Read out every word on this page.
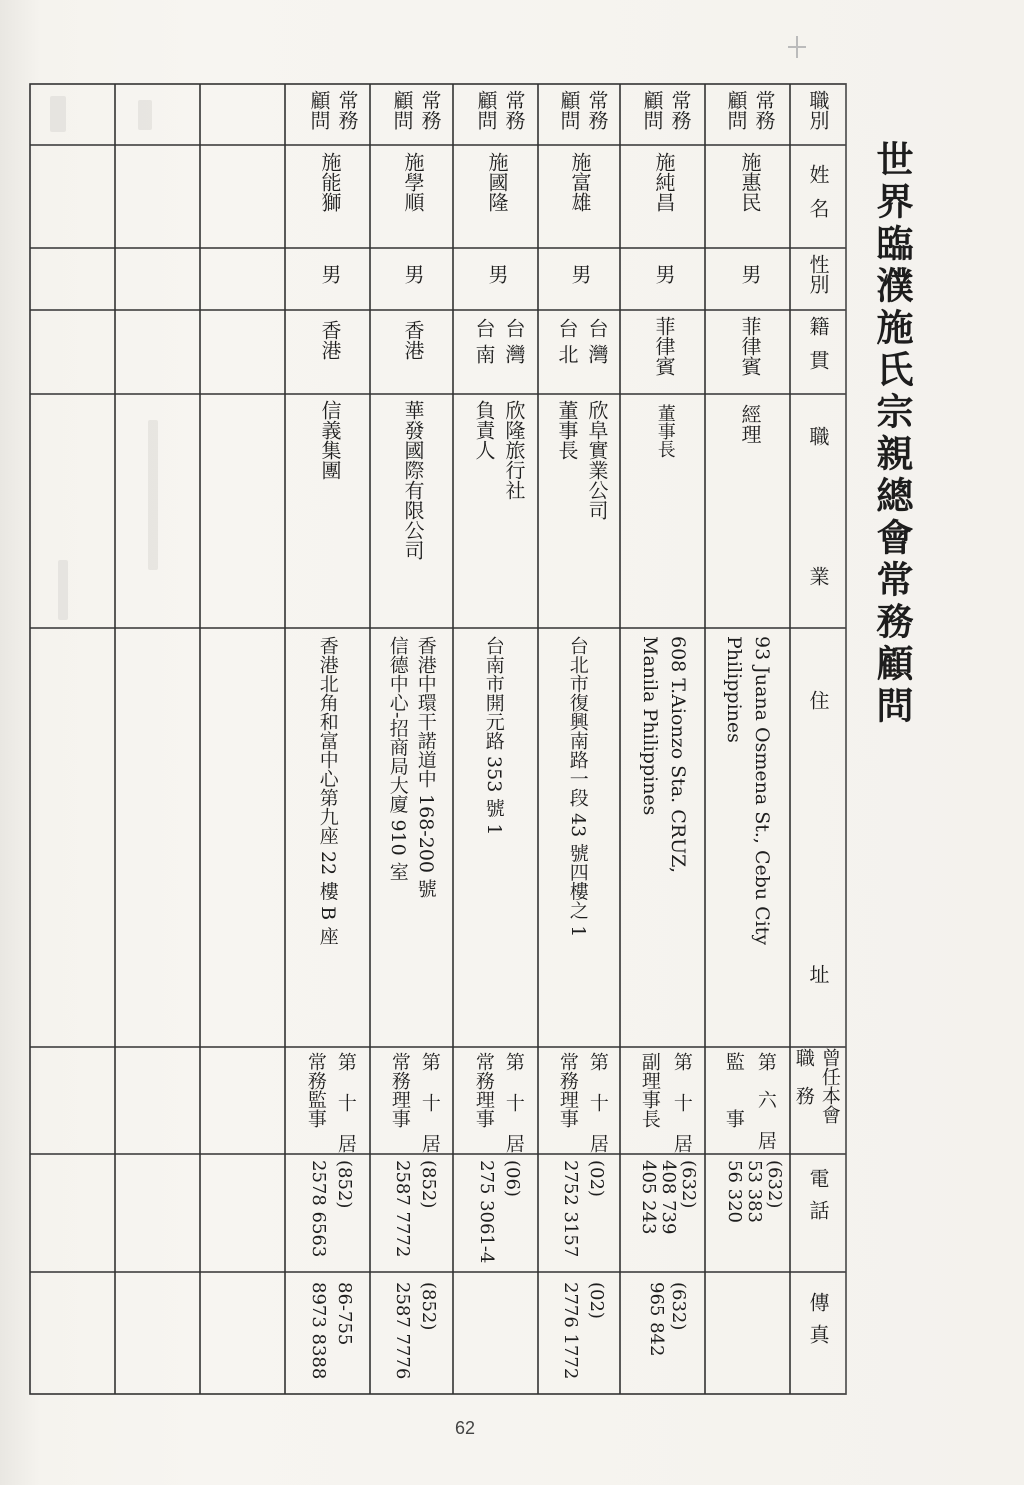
世界臨濮施氏宗親總會常務顧問
職別
姓名
性別
籍貫
職
業
住
址
曾任本會
職　務
電話
傳真
常務
顧問
施惠民
男
菲律賓
經理
93 Juana Osmena St., Cebu City
Philippines
第　六 居
監　　事
(632)
53 383
56 320
常務
顧問
施純昌
男
菲律賓
董事長
608 T.Aionzo Sta. CRUZ,
Manila Philippines
第 十 居
副理事長
(632)
408 739
405 243
(632)
965 842
常務
顧問
施富雄
男
台灣
台北
欣阜實業公司
董事長
台北市復興南路一段 43 號四樓之 1
第 十 居
常務理事
(02)
2752 3157
(02)
2776 1772
常務
顧問
施國隆
男
台灣
台南
欣隆旅行社
負責人
台南市開元路 353 號 1
第 十 居
常務理事
(06)
275 3061-4
常務
顧問
施學順
男
香港
華發國際有限公司
香港中環干諾道中 168-200 號
信德中心-招商局大廈 910 室
第 十 居
常務理事
(852)
2587 7772
(852)
2587 7776
常務
顧問
施能獅
男
香港
信義集團
香港北角和富中心第九座 22 樓 B 座
第 十 居
常務監事
(852)
2578 6563
86-755
8973 8388
62
